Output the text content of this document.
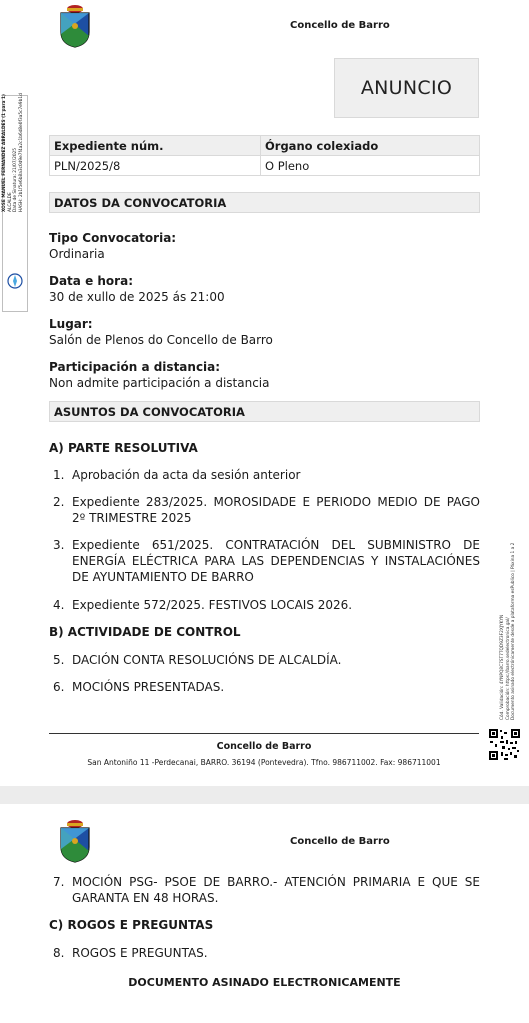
Concello de Barro
ANUNCIO
Expediente núm.	Órgano colexiado
PLN/2025/8	O Pleno
DATOS DA CONVOCATORIA
Tipo Convocatoria:
Ordinaria
Data e hora:
30 de xullo de 2025 ás 21:00
Lugar:
Salón de Plenos do Concello de Barro
Participación a distancia:
Non admite participación a distancia
ASUNTOS DA CONVOCATORIA
A) PARTE RESOLUTIVA
1. Aprobación da acta da sesión anterior
2. Expediente 283/2025. MOROSIDADE E PERIODO MEDIO DE PAGO 2º TRIMESTRE 2025
3. Expediente 651/2025. CONTRATACIÓN DEL SUBMINISTRO DE ENERGÍA ELÉCTRICA PARA LAS DEPENDENCIAS Y INSTALACIÓNES DE AYUNTAMIENTO DE BARRO
4. Expediente 572/2025. FESTIVOS LOCAIS 2026.
B) ACTIVIDADE DE CONTROL
5. DACIÓN CONTA RESOLUCIÓNS DE ALCALDÍA.
6. MOCIÓNS PRESENTADAS.
Concello de Barro
San Antoniño 11 -Perdecanai, BARRO. 36194 (Pontevedra). Tfno. 986711002. Fax: 986711001
XOSE MANUEL FERNANDEZ ABRALDES (1 para 1) ALCALDE Data de Sinatura: 21/07/2025 HASH: 2b1f5e6b8a3c0d9e7f4a2c1b6d8e0f3a5c7e9b1d
Cód. Validación: 4YNPQ8C7ST7TQD9Z3F2XJYKYN Comprobación: https://barro.sedelectronica.gal/ Documento asinado electrónicamente desde a plataforma esPublico | Páxina 1 a 2
Concello de Barro
7. MOCIÓN PSG- PSOE DE BARRO.- ATENCIÓN PRIMARIA E QUE SE GARANTA EN 48 HORAS.
C) ROGOS E PREGUNTAS
8. ROGOS E PREGUNTAS.
DOCUMENTO ASINADO ELECTRONICAMENTE
